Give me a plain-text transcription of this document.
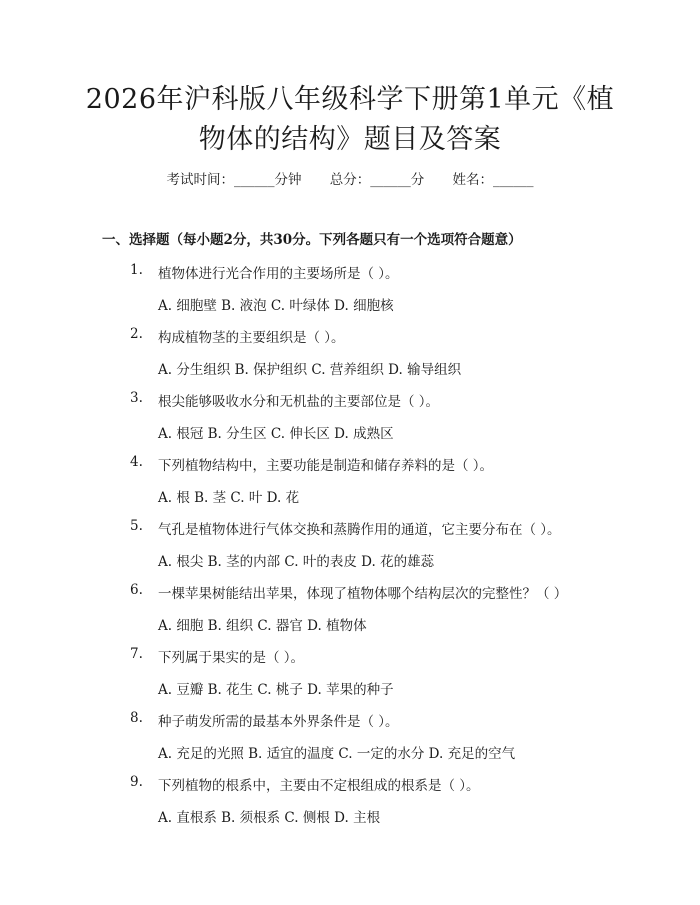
2026年沪科版八年级科学下册第1单元《植
物体的结构》题目及答案
考试时间：______分钟 总分：______分 姓名：______
一、选择题（每小题2分，共30分。下列各题只有一个选项符合题意）
1. 植物体进行光合作用的主要场所是（ ）。
A. 细胞壁 B. 液泡 C. 叶绿体 D. 细胞核
2. 构成植物茎的主要组织是（ ）。
A. 分生组织 B. 保护组织 C. 营养组织 D. 输导组织
3. 根尖能够吸收水分和无机盐的主要部位是（ ）。
A. 根冠 B. 分生区 C. 伸长区 D. 成熟区
4. 下列植物结构中，主要功能是制造和储存养料的是（ ）。
A. 根 B. 茎 C. 叶 D. 花
5. 气孔是植物体进行气体交换和蒸腾作用的通道，它主要分布在（ ）。
A. 根尖 B. 茎的内部 C. 叶的表皮 D. 花的雄蕊
6. 一棵苹果树能结出苹果，体现了植物体哪个结构层次的完整性？（ ）
A. 细胞 B. 组织 C. 器官 D. 植物体
7. 下列属于果实的是（ ）。
A. 豆瓣 B. 花生 C. 桃子 D. 苹果的种子
8. 种子萌发所需的最基本外界条件是（ ）。
A. 充足的光照 B. 适宜的温度 C. 一定的水分 D. 充足的空气
9. 下列植物的根系中，主要由不定根组成的根系是（ ）。
A. 直根系 B. 须根系 C. 侧根 D. 主根
